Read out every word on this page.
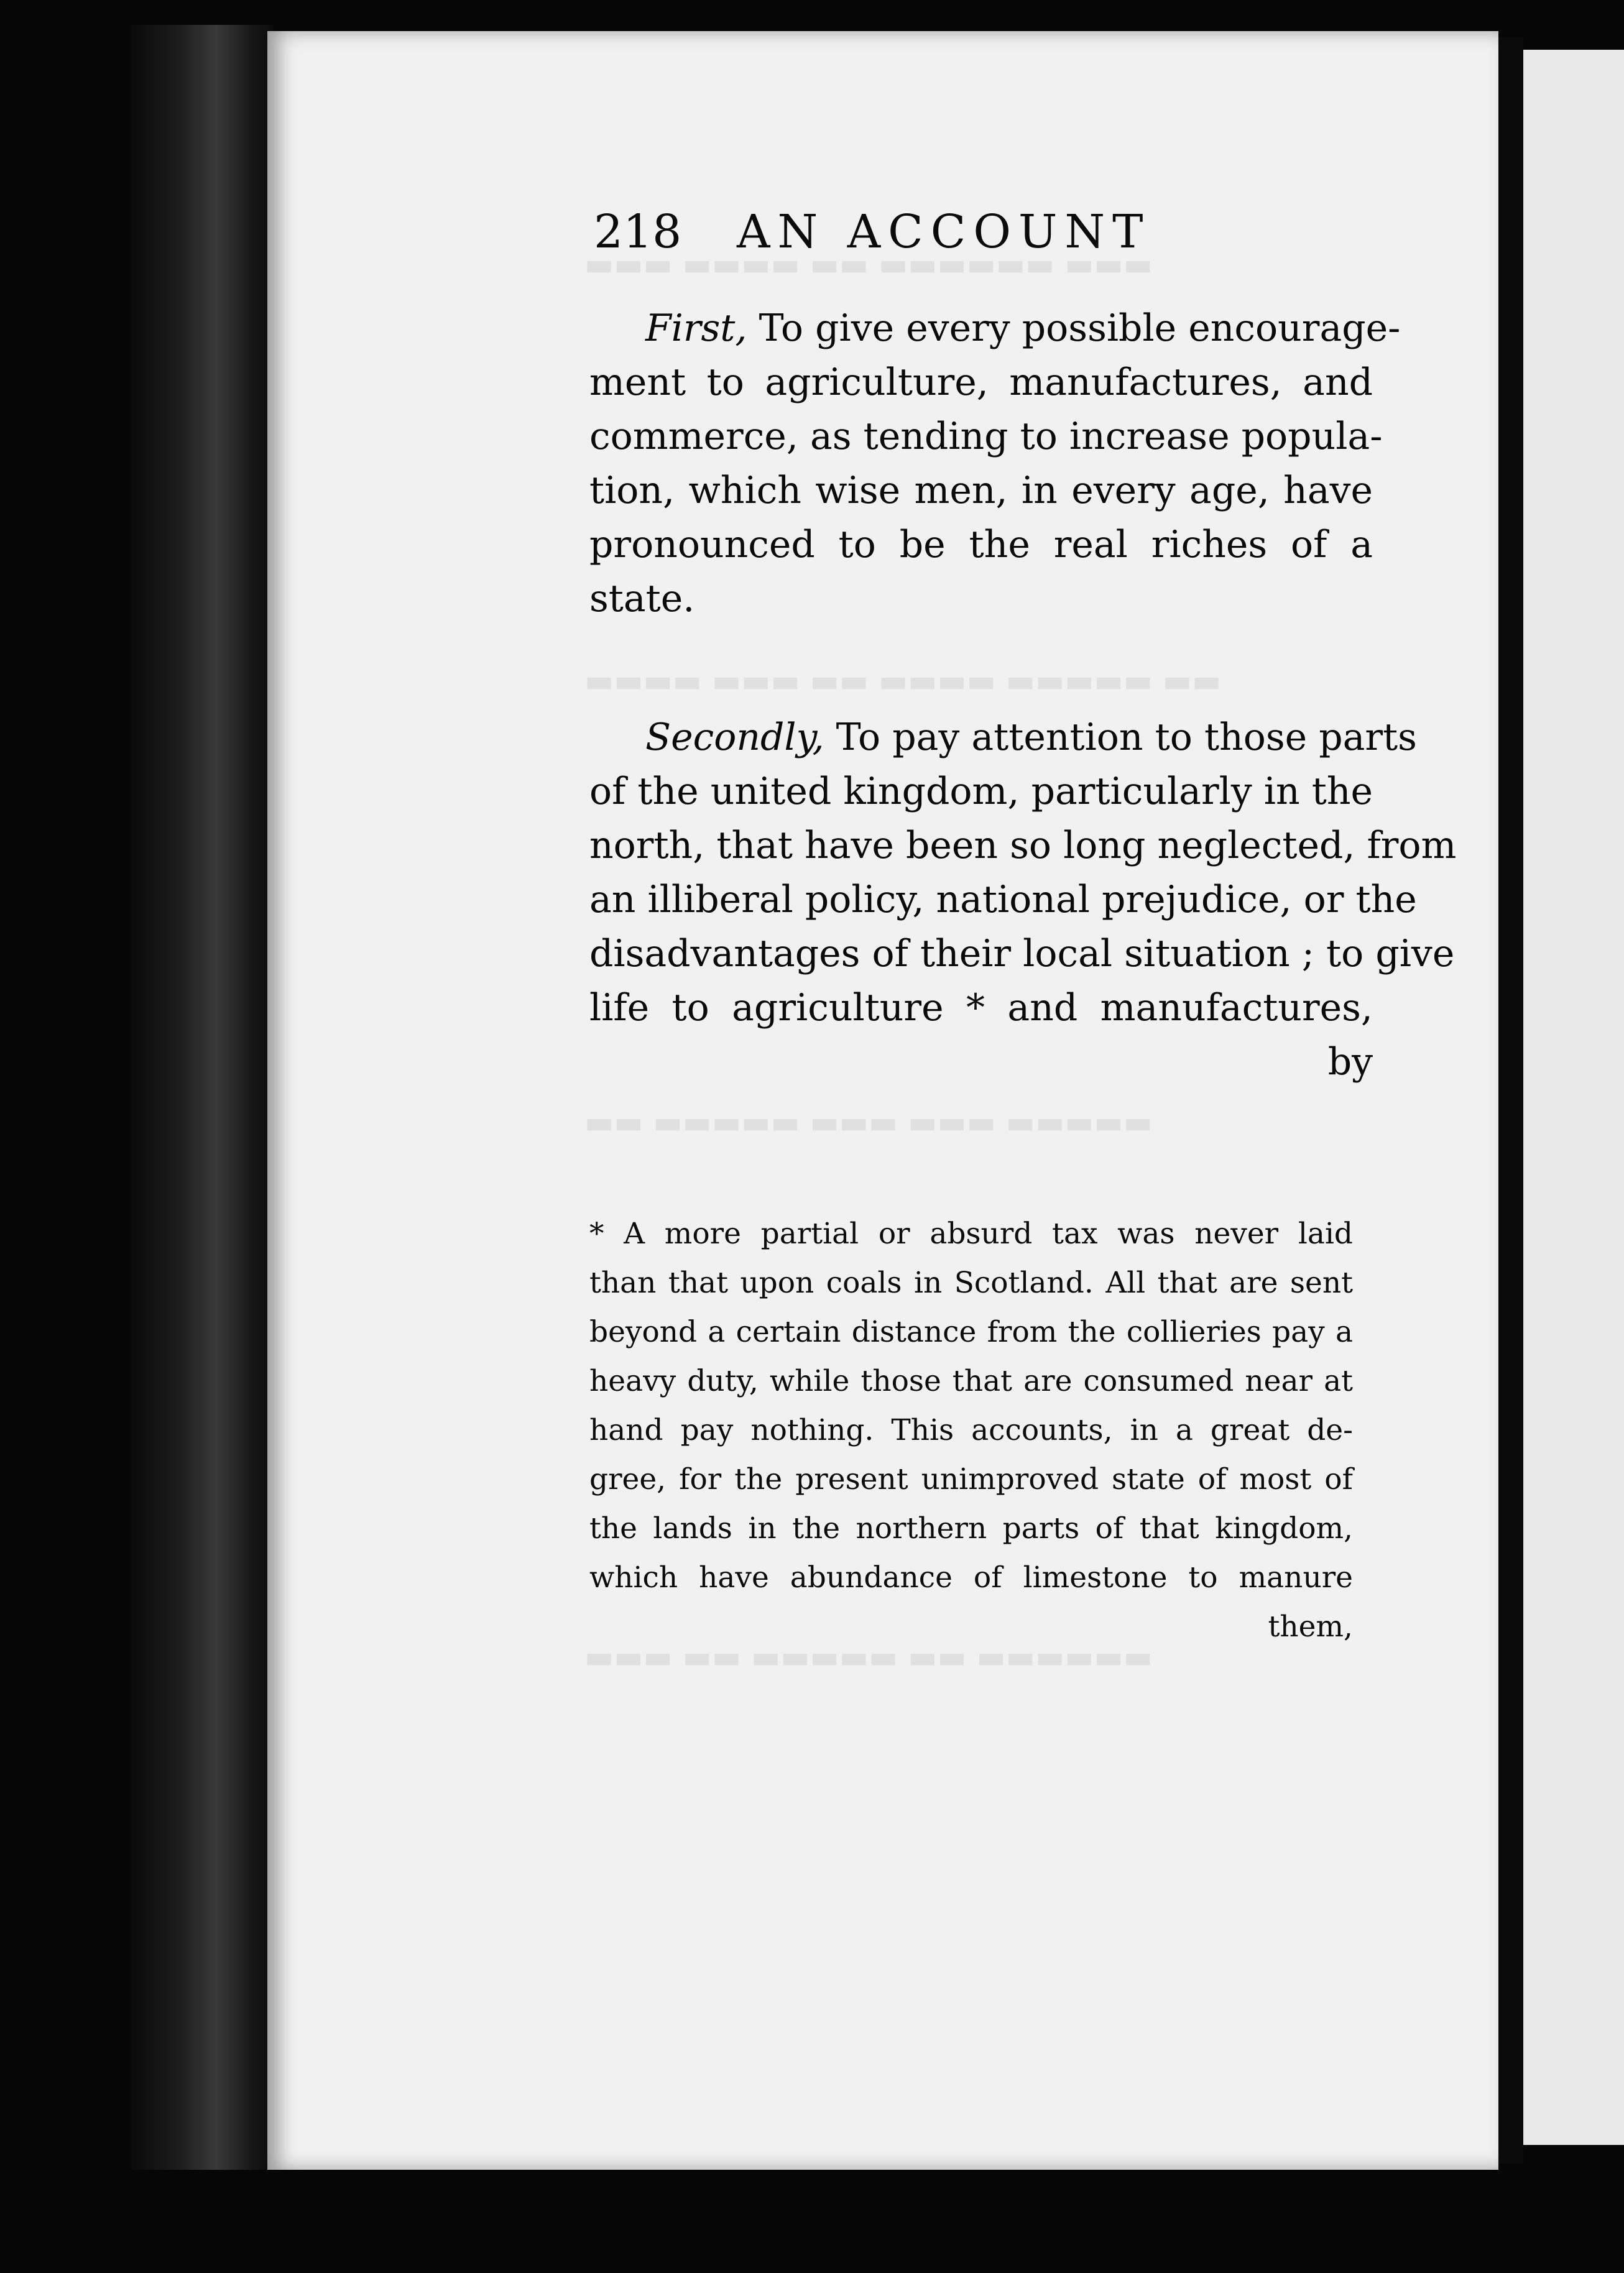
218	AN ACCOUNT
First, To give every possible encourage-
ment to agriculture, manufactures, and
commerce, as tending to increase popula-
tion, which wise men, in every age, have
pronounced to be the real riches of a
state.
Secondly, To pay attention to those parts
of the united kingdom, particularly in the
north, that have been so long neglected, from
an illiberal policy, national prejudice, or the
disadvantages of their local situation ; to give
life to agriculture * and manufactures,
by
* A more partial or absurd tax was never laid
than that upon coals in Scotland. All that are sent
beyond a certain distance from the collieries pay a
heavy duty, while those that are consumed near at
hand pay nothing. This accounts, in a great de-
gree, for the present unimproved state of most of
the lands in the northern parts of that kingdom,
which have abundance of limestone to manure
them,
